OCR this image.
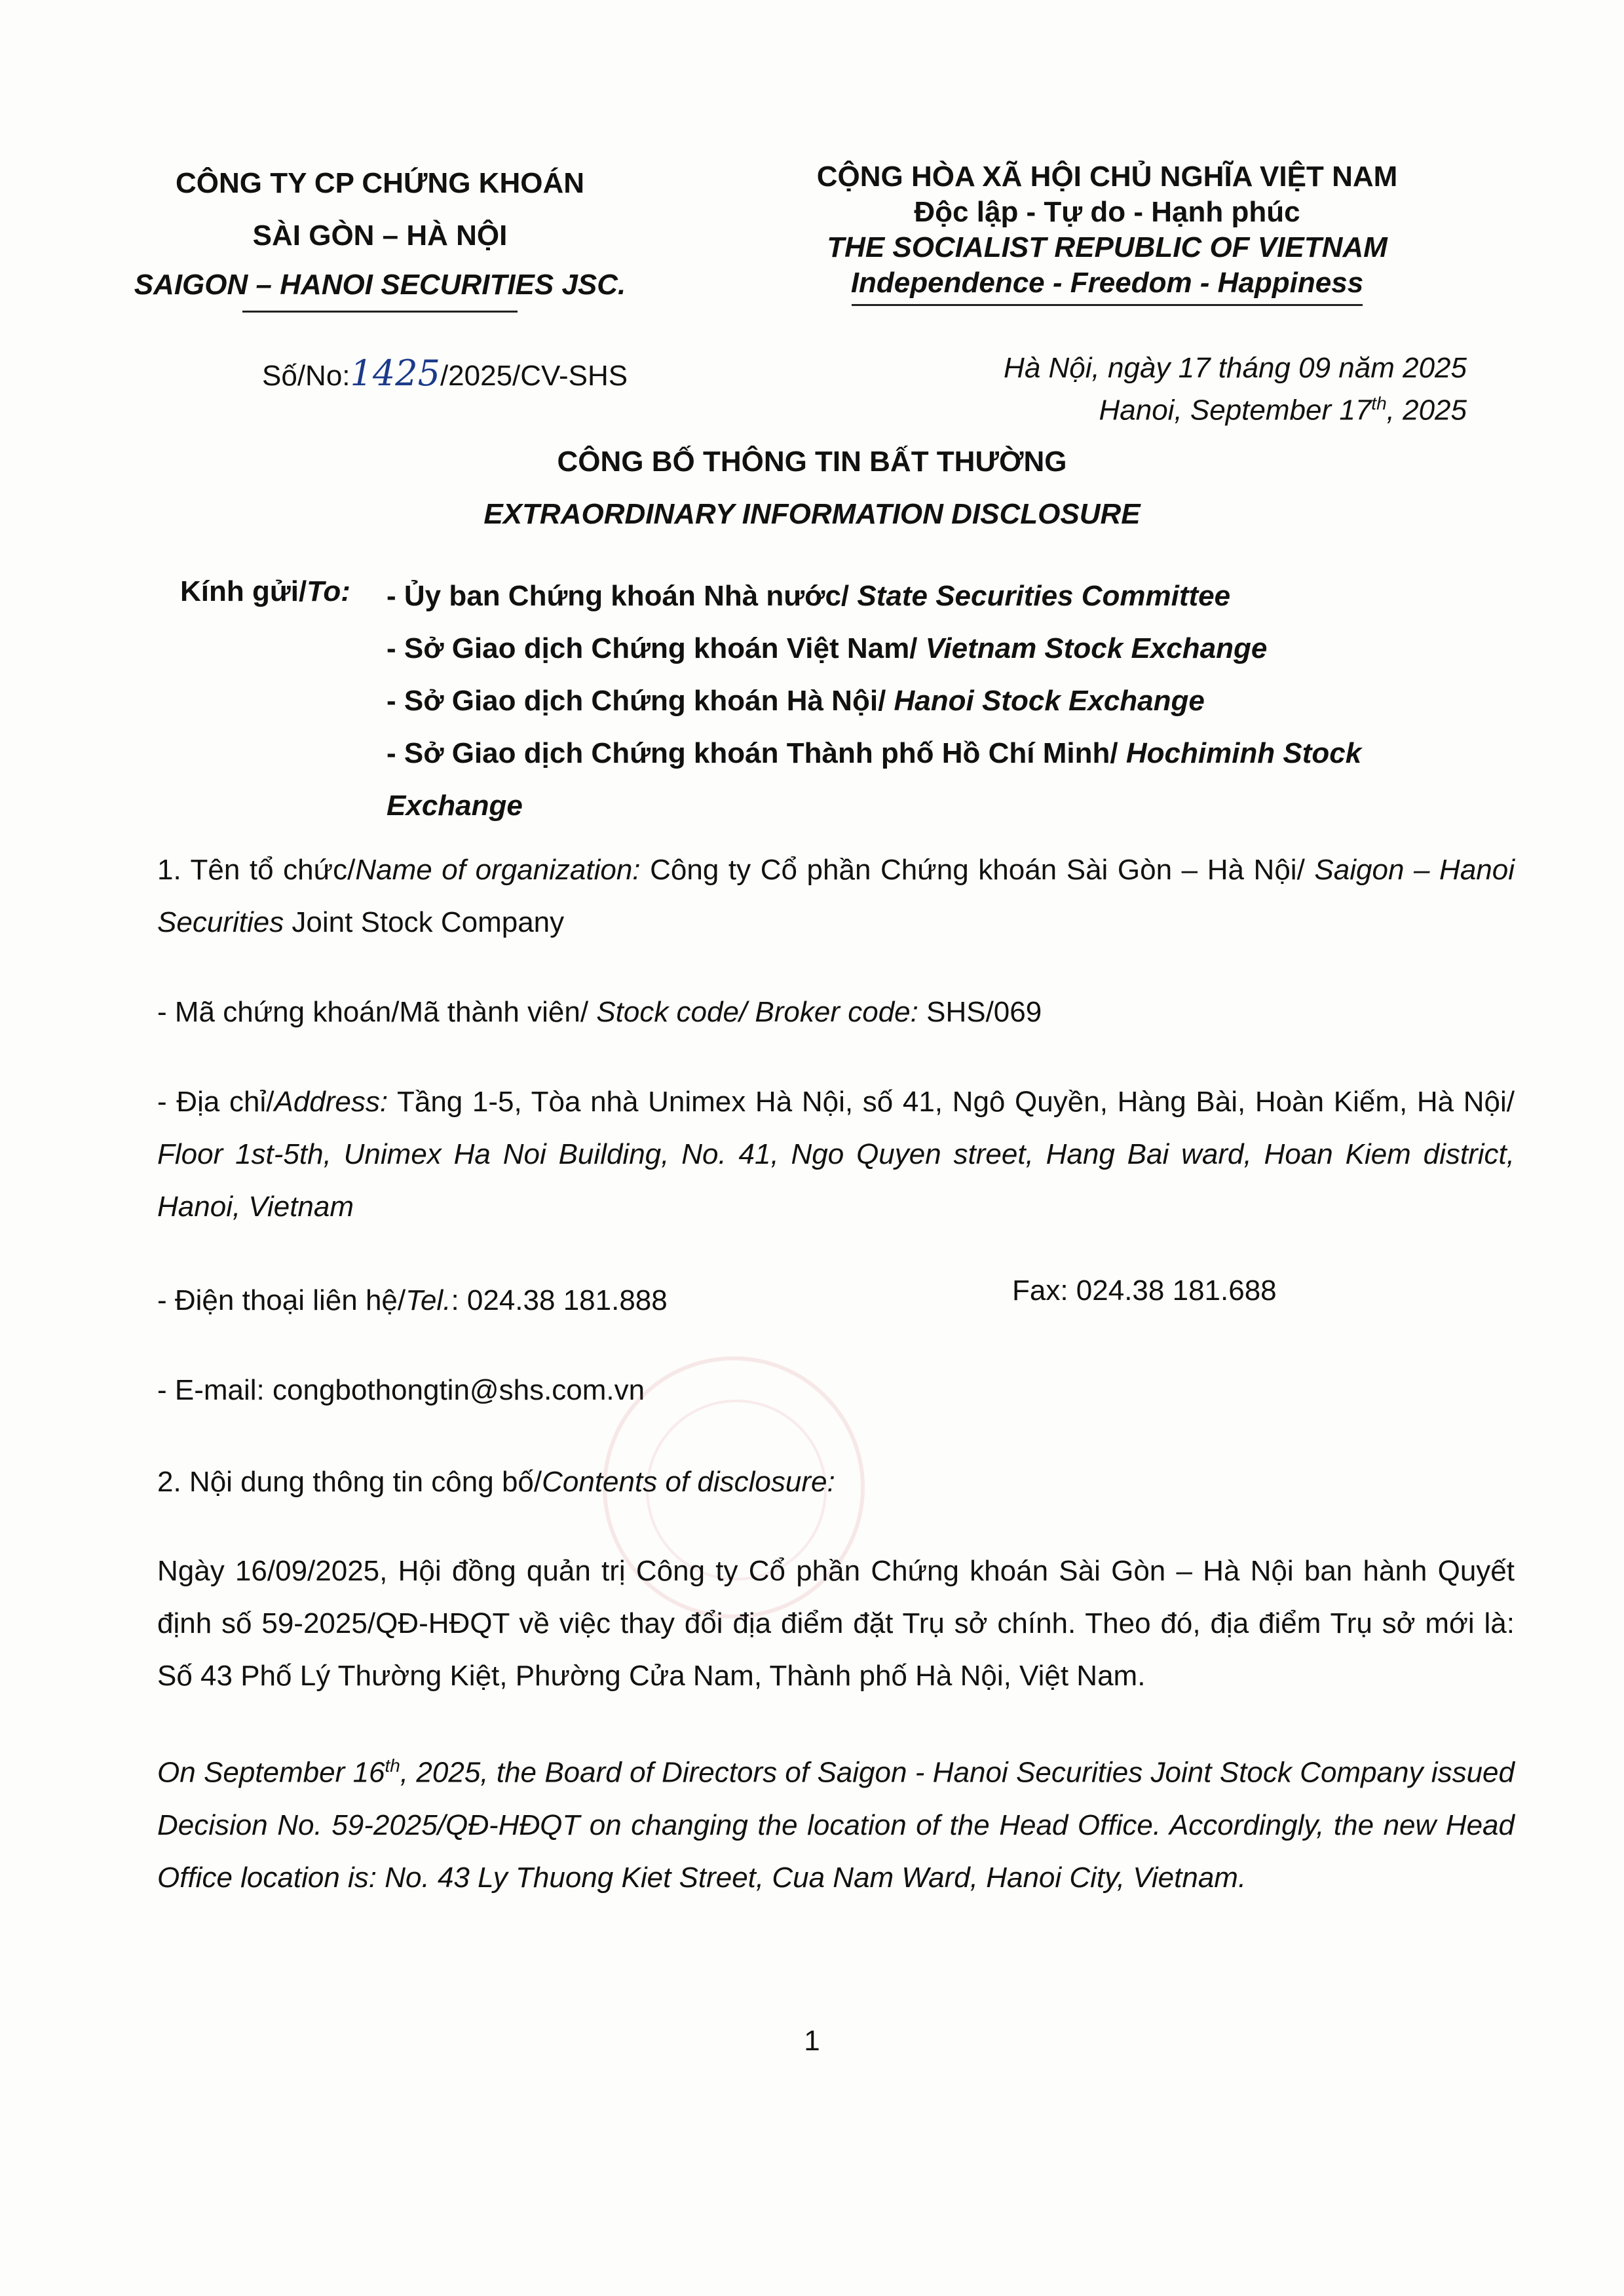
CÔNG TY CP CHỨNG KHOÁN
SÀI GÒN – HÀ NỘI
SAIGON – HANOI SECURITIES JSC.
CỘNG HÒA XÃ HỘI CHỦ NGHĨA VIỆT NAM
Độc lập - Tự do - Hạnh phúc
THE SOCIALIST REPUBLIC OF VIETNAM
Independence - Freedom - Happiness
Số/No:1425/2025/CV-SHS	Hà Nội, ngày 17 tháng 09 năm 2025
Hanoi, September 17th, 2025
CÔNG BỐ THÔNG TIN BẤT THƯỜNG
EXTRAORDINARY INFORMATION DISCLOSURE
Kính gửi/To: - Ủy ban Chứng khoán Nhà nước/ State Securities Committee
- Sở Giao dịch Chứng khoán Việt Nam/ Vietnam Stock Exchange
- Sở Giao dịch Chứng khoán Hà Nội/ Hanoi Stock Exchange
- Sở Giao dịch Chứng khoán Thành phố Hồ Chí Minh/ Hochiminh Stock Exchange
1. Tên tổ chức/Name of organization: Công ty Cổ phần Chứng khoán Sài Gòn – Hà Nội/ Saigon – Hanoi Securities Joint Stock Company
- Mã chứng khoán/Mã thành viên/ Stock code/ Broker code: SHS/069
- Địa chỉ/Address: Tầng 1-5, Tòa nhà Unimex Hà Nội, số 41, Ngô Quyền, Hàng Bài, Hoàn Kiếm, Hà Nội/ Floor 1st-5th, Unimex Ha Noi Building, No. 41, Ngo Quyen street, Hang Bai ward, Hoan Kiem district, Hanoi, Vietnam
- Điện thoại liên hệ/Tel.: 024.38 181.888	Fax: 024.38 181.688
- E-mail: congbothongtin@shs.com.vn
2. Nội dung thông tin công bố/Contents of disclosure:
Ngày 16/09/2025, Hội đồng quản trị Công ty Cổ phần Chứng khoán Sài Gòn – Hà Nội ban hành Quyết định số 59-2025/QĐ-HĐQT về việc thay đổi địa điểm đặt Trụ sở chính. Theo đó, địa điểm Trụ sở mới là: Số 43 Phố Lý Thường Kiệt, Phường Cửa Nam, Thành phố Hà Nội, Việt Nam.
On September 16th, 2025, the Board of Directors of Saigon - Hanoi Securities Joint Stock Company issued Decision No. 59-2025/QĐ-HĐQT on changing the location of the Head Office. Accordingly, the new Head Office location is: No. 43 Ly Thuong Kiet Street, Cua Nam Ward, Hanoi City, Vietnam.
1
